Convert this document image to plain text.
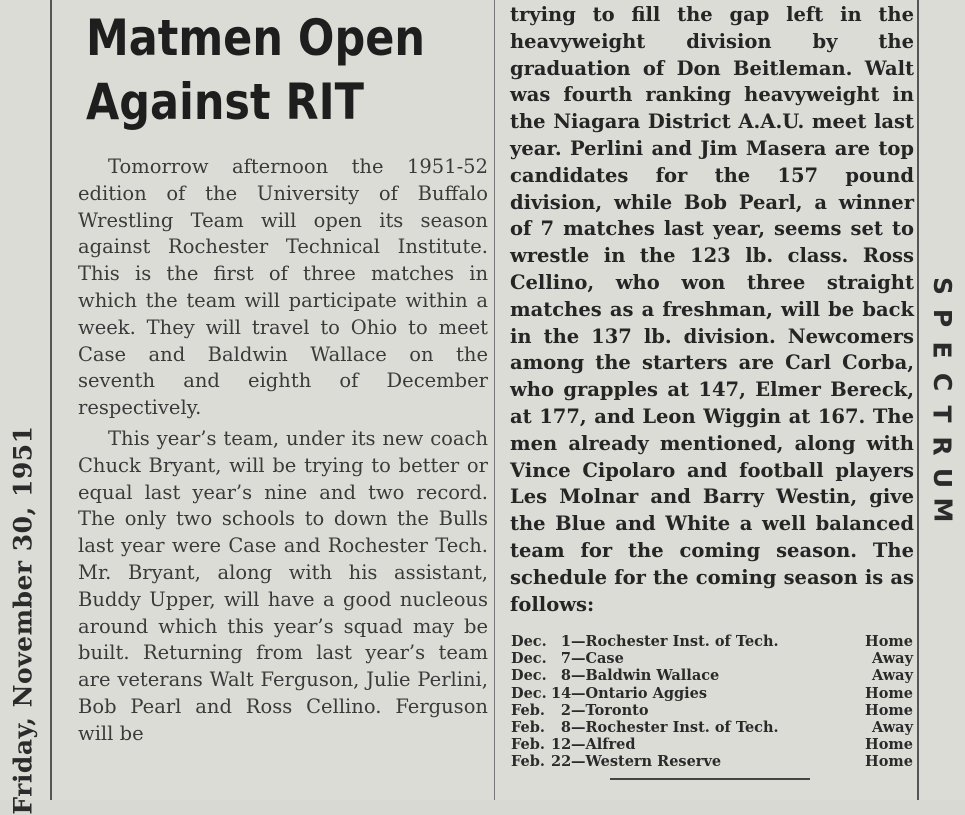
Friday, November 30, 1951
S
P
E
C
T
R
U
M
Matmen Open
Against RIT

Tomorrow afternoon the 1951-52 edition of the University of Buffalo Wrestling Team will open its season against Rochester Technical Institute. This is the first of three matches in which the team will participate within a week. They will travel to Ohio to meet Case and Baldwin Wallace on the seventh and eighth of December respectively.

This year’s team, under its new coach Chuck Bryant, will be trying to better or equal last year’s nine and two record. The only two schools to down the Bulls last year were Case and Rochester Tech. Mr. Bryant, along with his assistant, Buddy Upper, will have a good nucleous around which this year’s squad may be built. Returning from last year’s team are veterans Walt Ferguson, Julie Perlini, Bob Pearl and Ross Cellino. Ferguson will be

trying to fill the gap left in the heavyweight division by the graduation of Don Beitleman. Walt was fourth ranking heavyweight in the Niagara District A.A.U. meet last year. Perlini and Jim Masera are top candidates for the 157 pound division, while Bob Pearl, a winner of 7 matches last year, seems set to wrestle in the 123 lb. class. Ross Cellino, who won three straight matches as a freshman, will be back in the 137 lb. division. Newcomers among the starters are Carl Corba, who grapples at 147, Elmer Bereck, at 177, and Leon Wiggin at 167. The men already mentioned, along with Vince Cipolaro and football players Les Molnar and Barry Westin, give the Blue and White a well balanced team for the coming season. The schedule for the coming season is as follows:

Dec. 1 —Rochester Inst. of Tech.	Home
Dec. 7 —Case	Away
Dec. 8 —Baldwin Wallace	Away
Dec. 14 —Ontario Aggies	Home
Feb.	2 —Toronto	Home
Feb.	8 —Rochester Inst. of Tech.	Away
Feb. 12 —Alfred	Home
Feb. 22 —Western Reserve	Home
